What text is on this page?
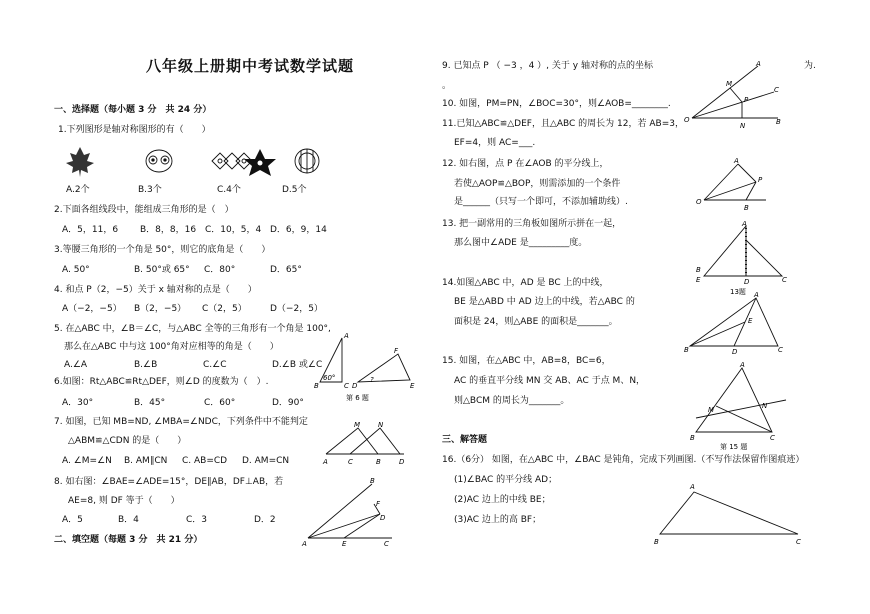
八年级上册期中考试数学试题
一、选择题（每小题 3 分　共 24 分）
1.下列图形是轴对称图形的有（　　）
A.2个	B.3个	C.4个	D.5个
2.下面各组线段中，能组成三角形的是（　）
A．5，11，6 B．8，8，16 C．10，5，4 D．6，9，14
3.等腰三角形的一个角是 50°，则它的底角是（　　）
A. 50°	B. 50°或 65° C．80°	D．65°
4. 和点 P（2，−5）关于 x 轴对称的点是（　　）
A（−2，−5） B（2，−5） C（2，5）	D（−2，5）
5. 在△ABC 中，∠B＝∠C，与△ABC 全等的三角形有一个角是 100°,
那么在△ABC 中与这 100°角对应相等的角是（　　）
A.∠A	B.∠B	C.∠C	D.∠B 或∠C
A
B	C D	E
F
60°	?
第 6 题
6.如图：Rt△ABC≌Rt△DEF，则∠D 的度数为（　）.
A．30°	B．45°	C．60°	D．90°
7. 如图，已知 MB=ND, ∠MBA=∠NDC，下列条件中不能判定
△ABM≌△CDN 的是（　　）
A. ∠M=∠N B. AM∥CN C. AB=CD D. AM=CN
M	N
A	C	B	D
8. 如右图：∠BAE=∠ADE=15°，DE∥AB，DF⊥AB，若
AE=8, 则 DF 等于（　　）
A．5	B．4	C．3	D．2
B
F
D
A	E	C
二、填空题（每题 3 分　共 21 分）
9. 已知点 P （ −3 ，4 ）, 关于 y 轴对称的点的坐标	为.
。
A
M
P
C
O
N	B
10. 如图，PM=PN，∠BOC=30°，则∠AOB=________.
11.已知△ABC≌△DEF，且△ABC 的周长为 12，若 AB=3，
EF=4，则 AC=___.
12. 如右图，点 P 在∠AOB 的平分线上，
若使△AOP≌△BOP，则需添加的一个条件
是______（只写一个即可，不添加辅助线）.
A
P
O
B
13. 把一副常用的三角板如图所示拼在一起，
那么图中∠ADE 是_________度。
A
B
C
D
E
13题
14.如图△ABC 中，AD 是 BC 上的中线，
BE 是△ABD 中 AD 边上的中线，若△ABC 的
面积是 24，则△ABE 的面积是_______。
A
E
B	D	C
15. 如图，在△ABC 中，AB=8，BC=6，
AC 的垂直平分线 MN 交 AB、AC 于点 M、N，
则△BCM 的周长为_______。
A
M	N
B	C
第 15 题
三、解答题
16.（6分） 如图，在△ABC 中，∠BAC 是钝角，完成下列画图.（不写作法保留作图痕迹）
(1)∠BAC 的平分线 AD；
(2)AC 边上的中线 BE；
(3)AC 边上的高 BF；
A
B	C
